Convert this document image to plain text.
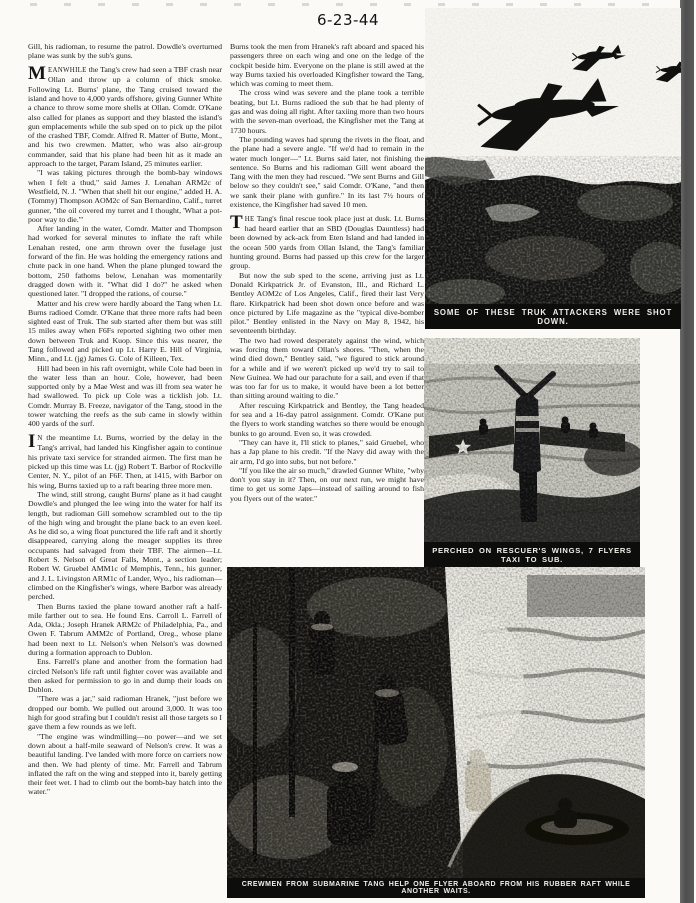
6-23-44

Gill, his radioman, to resume the patrol. Dowdle's overturned plane was sunk by the sub's guns.

MEANWHILE the Tang's crew had seen a TBF crash near Ollan and throw up a column of thick smoke. Following Lt. Burns' plane, the Tang cruised toward the island and hove to 4,000 yards offshore, giving Gunner White a chance to throw some more shells at Ollan. Comdr. O'Kane also called for planes as support and they blasted the island's gun emplacements while the sub sped on to pick up the pilot of the crashed TBF, Comdr. Alfred R. Matter of Butte, Mont., and his two crewmen. Matter, who was also air-group commander, said that his plane had been hit as it made an approach to the target, Param Island, 25 minutes earlier.

"I was taking pictures through the bomb-bay windows when I felt a thud," said James J. Lenahan ARM2c of Westfield, N. J. "When that shell hit our engine," added H. A. (Tommy) Thompson AOM2c of San Bernardino, Calif., turret gunner, "the oil covered my turret and I thought, 'What a pot-poor way to die.'"

After landing in the water, Comdr. Matter and Thompson had worked for several minutes to inflate the raft while Lenahan rested, one arm thrown over the fuselage just forward of the fin. He was holding the emergency rations and chute pack in one hand. When the plane plunged toward the bottom, 250 fathoms below, Lenahan was momentarily dragged down with it. "What did I do?" he asked when questioned later. "I dropped the rations, of course."

Matter and his crew were hardly aboard the Tang when Lt. Burns radioed Comdr. O'Kane that three more rafts had been sighted east of Truk. The sub started after them but was still 15 miles away when F6Fs reported sighting two other men down between Truk and Kuop. Since this was nearer, the Tang followed and picked up Lt. Harry E. Hill of Virginia, Minn., and Lt. (jg) James G. Cole of Killeen, Tex.

Hill had been in his raft overnight, while Cole had been in the water less than an hour. Cole, however, had been supported only by a Mae West and was ill from sea water he had swallowed. To pick up Cole was a ticklish job. Lt. Comdr. Murray B. Freeze, navigator of the Tang, stood in the tower watching the reefs as the sub came in slowly within 400 yards of the surf.

I N the meantime Lt. Burns, worried by the delay in the Tang's arrival, had landed his Kingfisher again to continue his private taxi service for stranded airmen. The first man he picked up this time was Lt. (jg) Robert T. Barbor of Rockville Center, N. Y., pilot of an F6F. Then, at 1415, with Barbor on his wing, Burns taxied up to a raft bearing three more men.

The wind, still strong, caught Burns' plane as it had caught Dowdle's and plunged the lee wing into the water for half its length, but radioman Gill somehow scrambled out to the tip of the high wing and brought the plane back to an even keel. As he did so, a wing float punctured the life raft and it shortly disappeared, carrying along the meager supplies its three occupants had salvaged from their TBF. The airmen—Lt. Robert S. Nelson of Great Falls, Mont., a section leader; Robert W. Gruebel AMM1c of Memphis, Tenn., his gunner, and J. L. Livingston ARM1c of Lander, Wyo., his radioman—climbed on the Kingfisher's wings, where Barbor was already perched.

Then Burns taxied the plane toward another raft a half-mile farther out to sea. He found Ens. Carroll L. Farrell of Ada, Okla.; Joseph Hranek ARM2c of Philadelphia, Pa., and Owen F. Tabrum AMM2c of Portland, Oreg., whose plane had been next to Lt. Nelson's when Nelson's was downed during a formation approach to Dublon.

Ens. Farrell's plane and another from the formation had circled Nelson's life raft until fighter cover was available and then asked for permission to go in and dump their loads on Dublon.

"There was a jar," said radioman Hranek, "just before we dropped our bomb. We pulled out around 3,000. It was too high for good strafing but I couldn't resist all those targets so I gave them a few rounds as we left.

"The engine was windmilling—no power—and we set down about a half-mile seaward of Nelson's crew. It was a beautiful landing. I've landed with more force on carriers now and then. We had plenty of time. Mr. Farrell and Tabrum inflated the raft on the wing and stepped into it, barely getting their feet wet. I had to climb out the bomb-bay hatch into the water."

Burns took the men from Hranek's raft aboard and spaced his passengers three on each wing and one on the ledge of the cockpit beside him. Everyone on the plane is still awed at the way Burns taxied his overloaded Kingfisher toward the Tang, which was coming to meet them.

The cross wind was severe and the plane took a terrible beating, but Lt. Burns radioed the sub that he had plenty of gas and was doing all right. After taxiing more than two hours with the seven-man overload, the Kingfisher met the Tang at 1730 hours.

The pounding waves had sprung the rivets in the float, and the plane had a severe angle. "If we'd had to remain in the water much longer—" Lt. Burns said later, not finishing the sentence. So Burns and his radioman Gill went aboard the Tang with the men they had rescued. "We sent Burns and Gill below so they couldn't see," said Comdr. O'Kane, "and then we sank their plane with gunfire." In its last 7½ hours of existence, the Kingfisher had saved 10 men.

THE Tang's final rescue took place just at dusk. Lt. Burns had heard earlier that an SBD (Douglas Dauntless) had been downed by ack-ack from Eten Island and had landed in the ocean 500 yards from Ollan Island, the Tang's familiar hunting ground. Burns had passed up this crew for the larger group.

But now the sub sped to the scene, arriving just as Lt. Donald Kirkpatrick Jr. of Evanston, Ill., and Richard L. Bentley AOM2c of Los Angeles, Calif., fired their last Very flare. Kirkpatrick had been shot down once before and was once pictured by Life magazine as the "typical dive-bomber pilot." Bentley enlisted in the Navy on May 8, 1942, his seventeenth birthday.

The two had rowed desperately against the wind, which was forcing them toward Ollan's shores. "Then, when the wind died down," Bentley said, "we figured to stick around for a while and if we weren't picked up we'd try to sail to New Guinea. We had our parachute for a sail, and even if that was too far for us to make, it would have been a lot better than sitting around waiting to die."

After rescuing Kirkpatrick and Bentley, the Tang headed for sea and a 16-day patrol assignment. Comdr. O'Kane put the flyers to work standing watches so there would be enough bunks to go around. Even so, it was crowded.

"They can have it, I'll stick to planes," said Gruebel, who has a Jap plane to his credit. "If the Navy did away with the air arm, I'd go into subs, but not before."

"If you like the air so much," drawled Gunner White, "why don't you stay in it? Then, on our next run, we might have time to get us some Japs—instead of sailing around to fish you flyers out of the water."

SOME OF THESE TRUK ATTACKERS WERE SHOT DOWN.
PERCHED ON RESCUER'S WINGS, 7 FLYERS TAXI TO SUB.
CREWMEN FROM SUBMARINE TANG HELP ONE FLYER ABOARD FROM HIS RUBBER RAFT WHILE ANOTHER WAITS.
